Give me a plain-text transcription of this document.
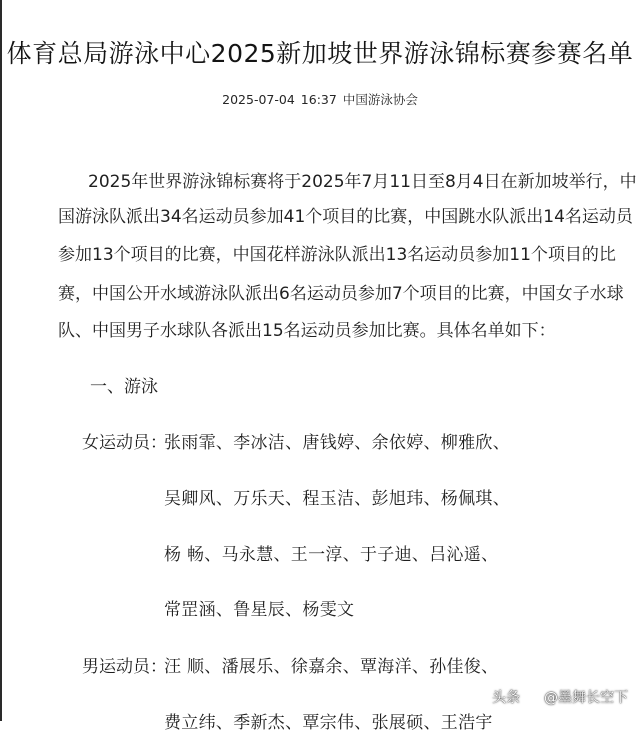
体育总局游泳中心2025新加坡世界游泳锦标赛参赛名单
2025-07-04 16:37 中国游泳协会
2025年世界游泳锦标赛将于2025年7月11日至8月4日在新加坡举行，中
国游泳队派出34名运动员参加41个项目的比赛，中国跳水队派出14名运动员
参加13个项目的比赛，中国花样游泳队派出13名运动员参加11个项目的比
赛，中国公开水域游泳队派出6名运动员参加7个项目的比赛，中国女子水球
队、中国男子水球队各派出15名运动员参加比赛。具体名单如下：
一、游泳
女运动员：
张雨霏、李冰洁、唐钱婷、余依婷、柳雅欣、
吴卿风、万乐天、程玉洁、彭旭玮、杨佩琪、
杨 畅、马永慧、王一淳、于子迪、吕沁遥、
常罡涵、鲁星辰、杨雯文
男运动员：
汪 顺、潘展乐、徐嘉余、覃海洋、孙佳俊、
费立纬、季新杰、覃宗伟、张展硕、王浩宇
头条 @墨舞长空下
